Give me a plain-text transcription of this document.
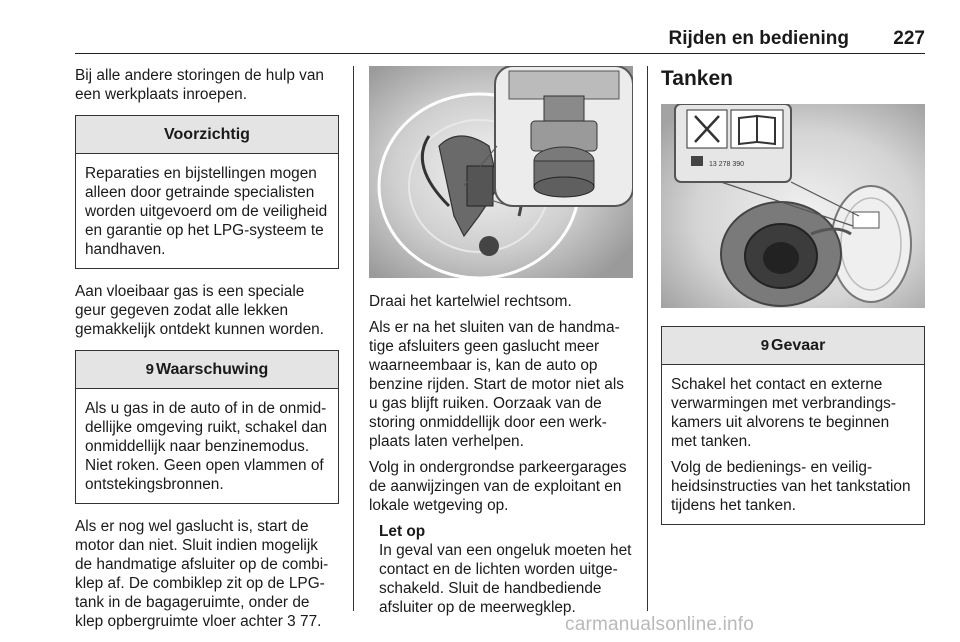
Rijden en bediening 227

Bij alle andere storingen de hulp van een werkplaats inroepen.

Voorzichtig

Reparaties en bijstellingen mogen alleen door getrainde specialisten worden uitgevoerd om de veiligheid en garantie op het LPG-systeem te handhaven.

Aan vloeibaar gas is een speciale geur gegeven zodat alle lekken gemakkelijk ontdekt kunnen worden.

9 Waarschuwing

Als u gas in de auto of in de onmiddellijke omgeving ruikt, schakel dan onmiddellijk naar benzinemodus. Niet roken. Geen open vlammen of ontstekingsbronnen.

Als er nog wel gaslucht is, start de motor dan niet. Sluit indien mogelijk de handmatige afsluiter op de combiklep af. De combiklep zit op de LPG-tank in de bagageruimte, onder de klep opbergruimte vloer achter 3 77.

Draai het kartelwiel rechtsom.

Als er na het sluiten van de handmatige afsluiters geen gaslucht meer waarneembaar is, kan de auto op benzine rijden. Start de motor niet als u gas blijft ruiken. Oorzaak van de storing onmiddellijk door een werkplaats laten verhelpen.

Volg in ondergrondse parkeergarages de aanwijzingen van de exploitant en lokale wetgeving op.

Let op
In geval van een ongeluk moeten het contact en de lichten worden uitgeschakeld. Sluit de handbediende afsluiter op de meerwegklep.
Tanken
13 278 390
9 Gevaar

Schakel het contact en externe verwarmingen met verbrandingskamers uit alvorens te beginnen met tanken.

Volg de bedienings- en veiligheidsinstructies van het tankstation tijdens het tanken.

carmanualsonline.info
